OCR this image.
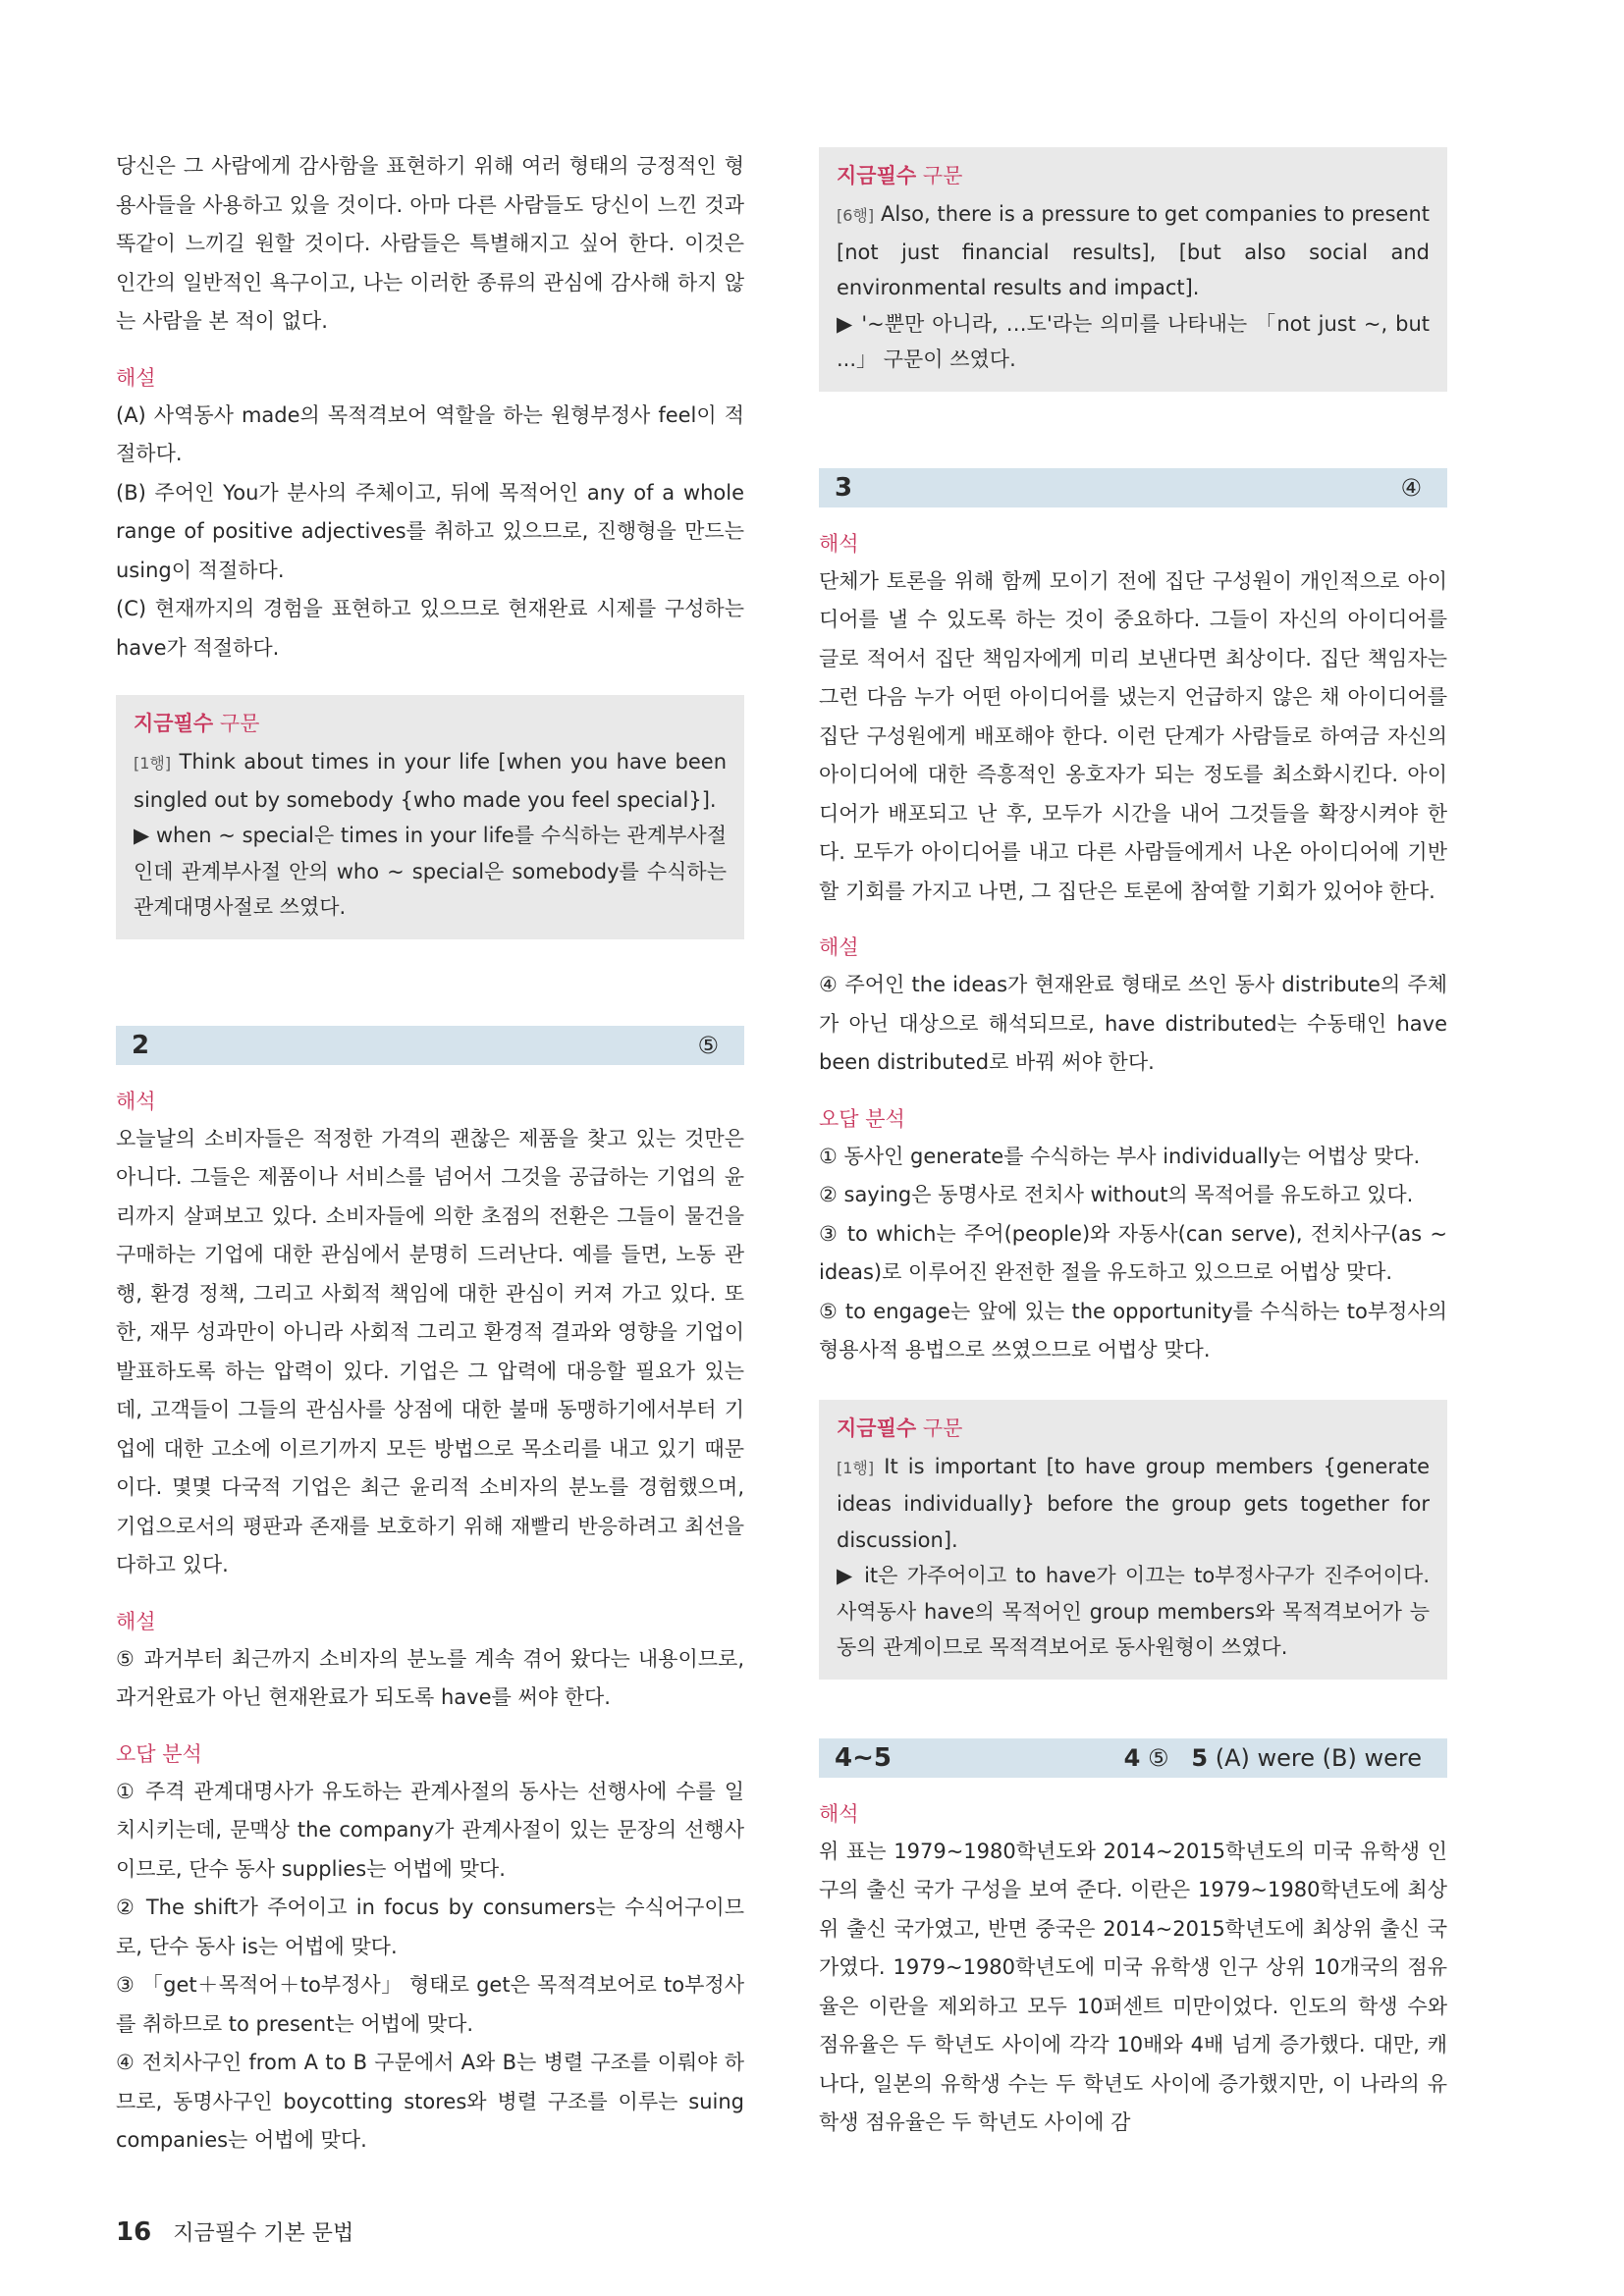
당신은 그 사람에게 감사함을 표현하기 위해 여러 형태의 긍정적인 형용사들을 사용하고 있을 것이다. 아마 다른 사람들도 당신이 느낀 것과 똑같이 느끼길 원할 것이다. 사람들은 특별해지고 싶어 한다. 이것은 인간의 일반적인 욕구이고, 나는 이러한 종류의 관심에 감사해 하지 않는 사람을 본 적이 없다.

해설

(A) 사역동사 made의 목적격보어 역할을 하는 원형부정사 feel이 적절하다.

(B) 주어인 You가 분사의 주체이고, 뒤에 목적어인 any of a whole range of positive adjectives를 취하고 있으므로, 진행형을 만드는 using이 적절하다.

(C) 현재까지의 경험을 표현하고 있으므로 현재완료 시제를 구성하는 have가 적절하다.

지금필수 구문

[1행] Think about times in your life [when you have been singled out by somebody {who made you feel special}].

▶ when ~ special은 times in your life를 수식하는 관계부사절인데 관계부사절 안의 who ~ special은 somebody를 수식하는 관계대명사절로 쓰였다.

2	⑤
해석

오늘날의 소비자들은 적정한 가격의 괜찮은 제품을 찾고 있는 것만은 아니다. 그들은 제품이나 서비스를 넘어서 그것을 공급하는 기업의 윤리까지 살펴보고 있다. 소비자들에 의한 초점의 전환은 그들이 물건을 구매하는 기업에 대한 관심에서 분명히 드러난다. 예를 들면, 노동 관행, 환경 정책, 그리고 사회적 책임에 대한 관심이 커져 가고 있다. 또한, 재무 성과만이 아니라 사회적 그리고 환경적 결과와 영향을 기업이 발표하도록 하는 압력이 있다. 기업은 그 압력에 대응할 필요가 있는데, 고객들이 그들의 관심사를 상점에 대한 불매 동맹하기에서부터 기업에 대한 고소에 이르기까지 모든 방법으로 목소리를 내고 있기 때문이다. 몇몇 다국적 기업은 최근 윤리적 소비자의 분노를 경험했으며, 기업으로서의 평판과 존재를 보호하기 위해 재빨리 반응하려고 최선을 다하고 있다.

해설

⑤ 과거부터 최근까지 소비자의 분노를 계속 겪어 왔다는 내용이므로, 과거완료가 아닌 현재완료가 되도록 have를 써야 한다.

오답 분석

① 주격 관계대명사가 유도하는 관계사절의 동사는 선행사에 수를 일치시키는데, 문맥상 the company가 관계사절이 있는 문장의 선행사이므로, 단수 동사 supplies는 어법에 맞다.

② The shift가 주어이고 in focus by consumers는 수식어구이므로, 단수 동사 is는 어법에 맞다.

③ 「get＋목적어＋to부정사」 형태로 get은 목적격보어로 to부정사를 취하므로 to present는 어법에 맞다.

④ 전치사구인 from A to B 구문에서 A와 B는 병렬 구조를 이뤄야 하므로, 동명사구인 boycotting stores와 병렬 구조를 이루는 suing companies는 어법에 맞다.

지금필수 구문

[6행] Also, there is a pressure to get companies to present [not just financial results], [but also social and environmental results and impact].

▶ '~뿐만 아니라, …도'라는 의미를 나타내는 「not just ~, but ...」 구문이 쓰였다.

3	④
해석

단체가 토론을 위해 함께 모이기 전에 집단 구성원이 개인적으로 아이디어를 낼 수 있도록 하는 것이 중요하다. 그들이 자신의 아이디어를 글로 적어서 집단 책임자에게 미리 보낸다면 최상이다. 집단 책임자는 그런 다음 누가 어떤 아이디어를 냈는지 언급하지 않은 채 아이디어를 집단 구성원에게 배포해야 한다. 이런 단계가 사람들로 하여금 자신의 아이디어에 대한 즉흥적인 옹호자가 되는 정도를 최소화시킨다. 아이디어가 배포되고 난 후, 모두가 시간을 내어 그것들을 확장시켜야 한다. 모두가 아이디어를 내고 다른 사람들에게서 나온 아이디어에 기반할 기회를 가지고 나면, 그 집단은 토론에 참여할 기회가 있어야 한다.

해설

④ 주어인 the ideas가 현재완료 형태로 쓰인 동사 distribute의 주체가 아닌 대상으로 해석되므로, have distributed는 수동태인 have been distributed로 바꿔 써야 한다.

오답 분석

① 동사인 generate를 수식하는 부사 individually는 어법상 맞다.

② saying은 동명사로 전치사 without의 목적어를 유도하고 있다.

③ to which는 주어(people)와 자동사(can serve), 전치사구(as ~ ideas)로 이루어진 완전한 절을 유도하고 있으므로 어법상 맞다.

⑤ to engage는 앞에 있는 the opportunity를 수식하는 to부정사의 형용사적 용법으로 쓰였으므로 어법상 맞다.

지금필수 구문

[1행] It is important [to have group members {generate ideas individually} before the group gets together for discussion].

▶ it은 가주어이고 to have가 이끄는 to부정사구가 진주어이다. 사역동사 have의 목적어인 group members와 목적격보어가 능동의 관계이므로 목적격보어로 동사원형이 쓰였다.

4~5	4 ⑤ 5 (A) were (B) were
해석

위 표는 1979~1980학년도와 2014~2015학년도의 미국 유학생 인구의 출신 국가 구성을 보여 준다. 이란은 1979~1980학년도에 최상위 출신 국가였고, 반면 중국은 2014~2015학년도에 최상위 출신 국가였다. 1979~1980학년도에 미국 유학생 인구 상위 10개국의 점유율은 이란을 제외하고 모두 10퍼센트 미만이었다. 인도의 학생 수와 점유율은 두 학년도 사이에 각각 10배와 4배 넘게 증가했다. 대만, 캐나다, 일본의 유학생 수는 두 학년도 사이에 증가했지만, 이 나라의 유학생 점유율은 두 학년도 사이에 감

16 지금필수 기본 문법
